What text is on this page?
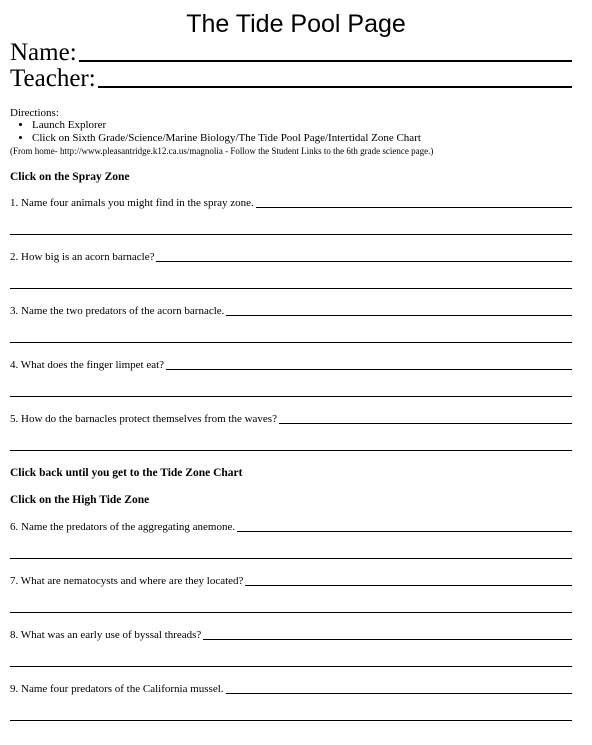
The Tide Pool Page
Name:
Teacher:
Directions:
• Launch Explorer
• Click on Sixth Grade/Science/Marine Biology/The Tide Pool Page/Intertidal Zone Chart
(From home- http://www.pleasantridge.k12.ca.us/magnolia - Follow the Student Links to the 6th grade science page.)
Click on the Spray Zone
1. Name four animals you might find in the spray zone.
2. How big is an acorn barnacle?
3. Name the two predators of the acorn barnacle.
4. What does the finger limpet eat?
5. How do the barnacles protect themselves from the waves?
Click back until you get to the Tide Zone Chart
Click on the High Tide Zone
6. Name the predators of the aggregating anemone.
7. What are nematocysts and where are they located?
8. What was an early use of byssal threads?
9. Name four predators of the California mussel.
